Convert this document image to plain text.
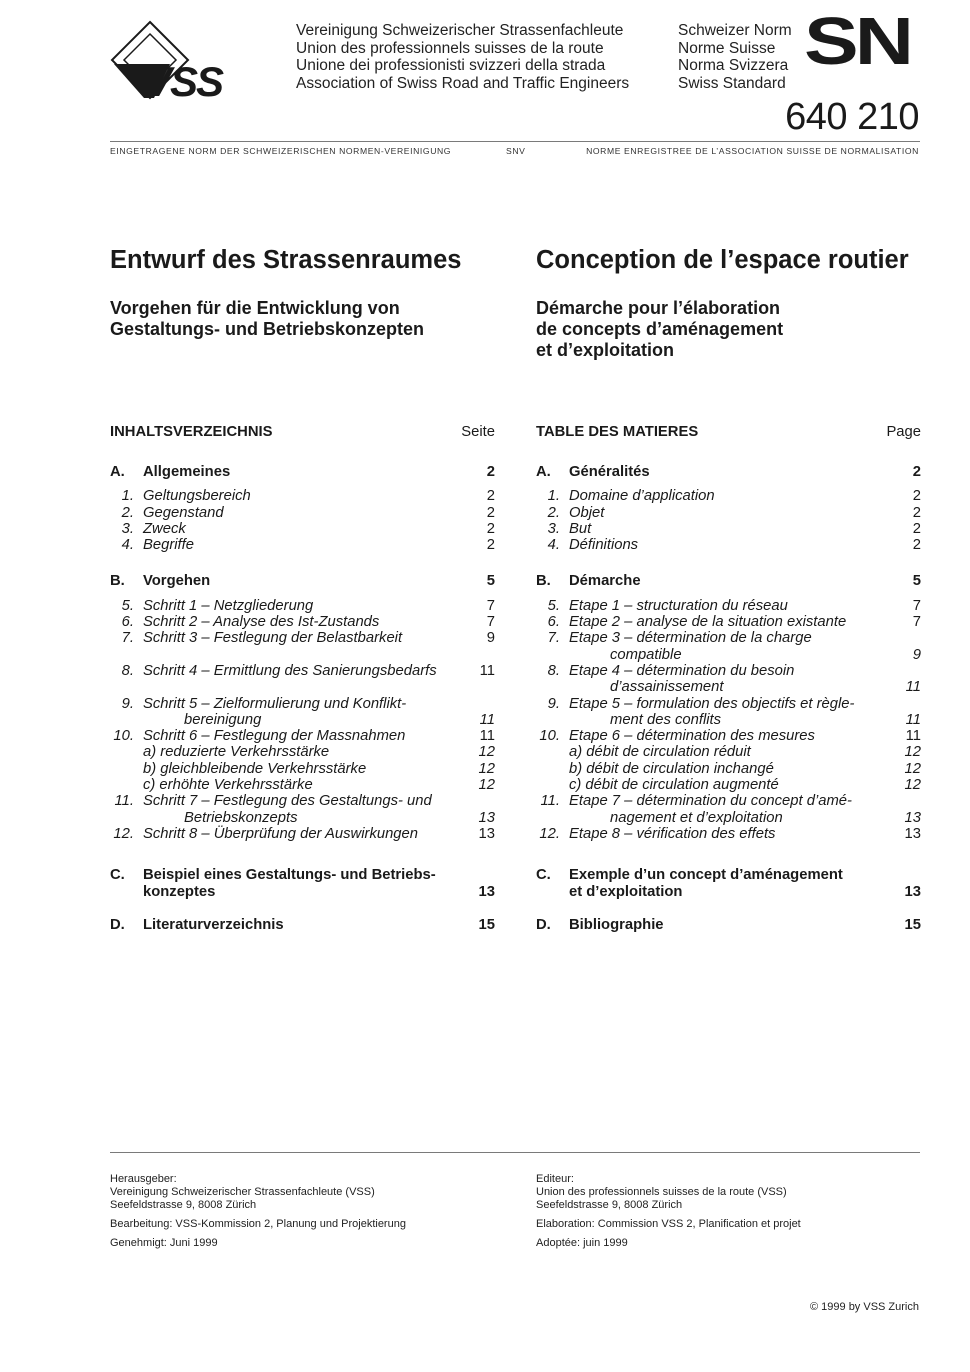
VSS
Vereinigung Schweizerischer Strassenfachleute
Union des professionnels suisses de la route
Unione dei professionisti svizzeri della strada
Association of Swiss Road and Traffic Engineers
Schweizer Norm
Norme Suisse
Norma Svizzera
Swiss Standard
SN
640 210
EINGETRAGENE NORM DER SCHWEIZERISCHEN NORMEN-VEREINIGUNG	SNV	NORME ENREGISTREE DE L’ASSOCIATION SUISSE DE NORMALISATION
Entwurf des Strassenraumes	Conception de l’espace routier
Vorgehen für die Entwicklung von
Gestaltungs- und Betriebskonzepten
Démarche pour l’élaboration
de concepts d’aménagement
et d’exploitation
INHALTSVERZEICHNIS	Seite
A.	Allgemeines	2
1. Geltungsbereich	2
2. Gegenstand	2
3. Zweck	2
4. Begriffe	2
B.	Vorgehen	5
5. Schritt 1 – Netzgliederung	7
6. Schritt 2 – Analyse des Ist-Zustands	7
7. Schritt 3 – Festlegung der Belastbarkeit	9
8. Schritt 4 – Ermittlung des Sanierungsbedarfs	11
9. Schritt 5 – Zielformulierung und Konflikt-
bereinigung	11
10. Schritt 6 – Festlegung der Massnahmen	11
a) reduzierte Verkehrsstärke	12
b) gleichbleibende Verkehrsstärke	12
c) erhöhte Verkehrsstärke	12
11. Schritt 7 – Festlegung des Gestaltungs- und
Betriebskonzepts	13
12. Schritt 8 – Überprüfung der Auswirkungen	13
C.	Beispiel eines Gestaltungs- und Betriebs-
konzeptes	13
D.	Literaturverzeichnis	15
TABLE DES MATIERES	Page
A.	Généralités	2
1. Domaine d’application	2
2. Objet	2
3. But	2
4. Définitions	2
B.	Démarche	5
5. Etape 1 – structuration du réseau	7
6. Etape 2 – analyse de la situation existante	7
7. Etape 3 – détermination de la charge
compatible	9
8. Etape 4 – détermination du besoin
d’assainissement	11
9. Etape 5 – formulation des objectifs et règle-
ment des conflits	11
10. Etape 6 – détermination des mesures	11
a) débit de circulation réduit	12
b) débit de circulation inchangé	12
c) débit de circulation augmenté	12
11. Etape 7 – détermination du concept d’amé-
nagement et d’exploitation	13
12. Etape 8 – vérification des effets	13
C.	Exemple d’un concept d’aménagement
et d’exploitation	13
D.	Bibliographie	15

Herausgeber:
Vereinigung Schweizerischer Strassenfachleute (VSS)
Seefeldstrasse 9, 8008 Zürich

Bearbeitung: VSS-Kommission 2, Planung und Projektierung

Genehmigt: Juni 1999

Editeur:
Union des professionnels suisses de la route (VSS)
Seefeldstrasse 9, 8008 Zürich

Elaboration: Commission VSS 2, Planification et projet

Adoptée: juin 1999

© 1999 by VSS Zurich
